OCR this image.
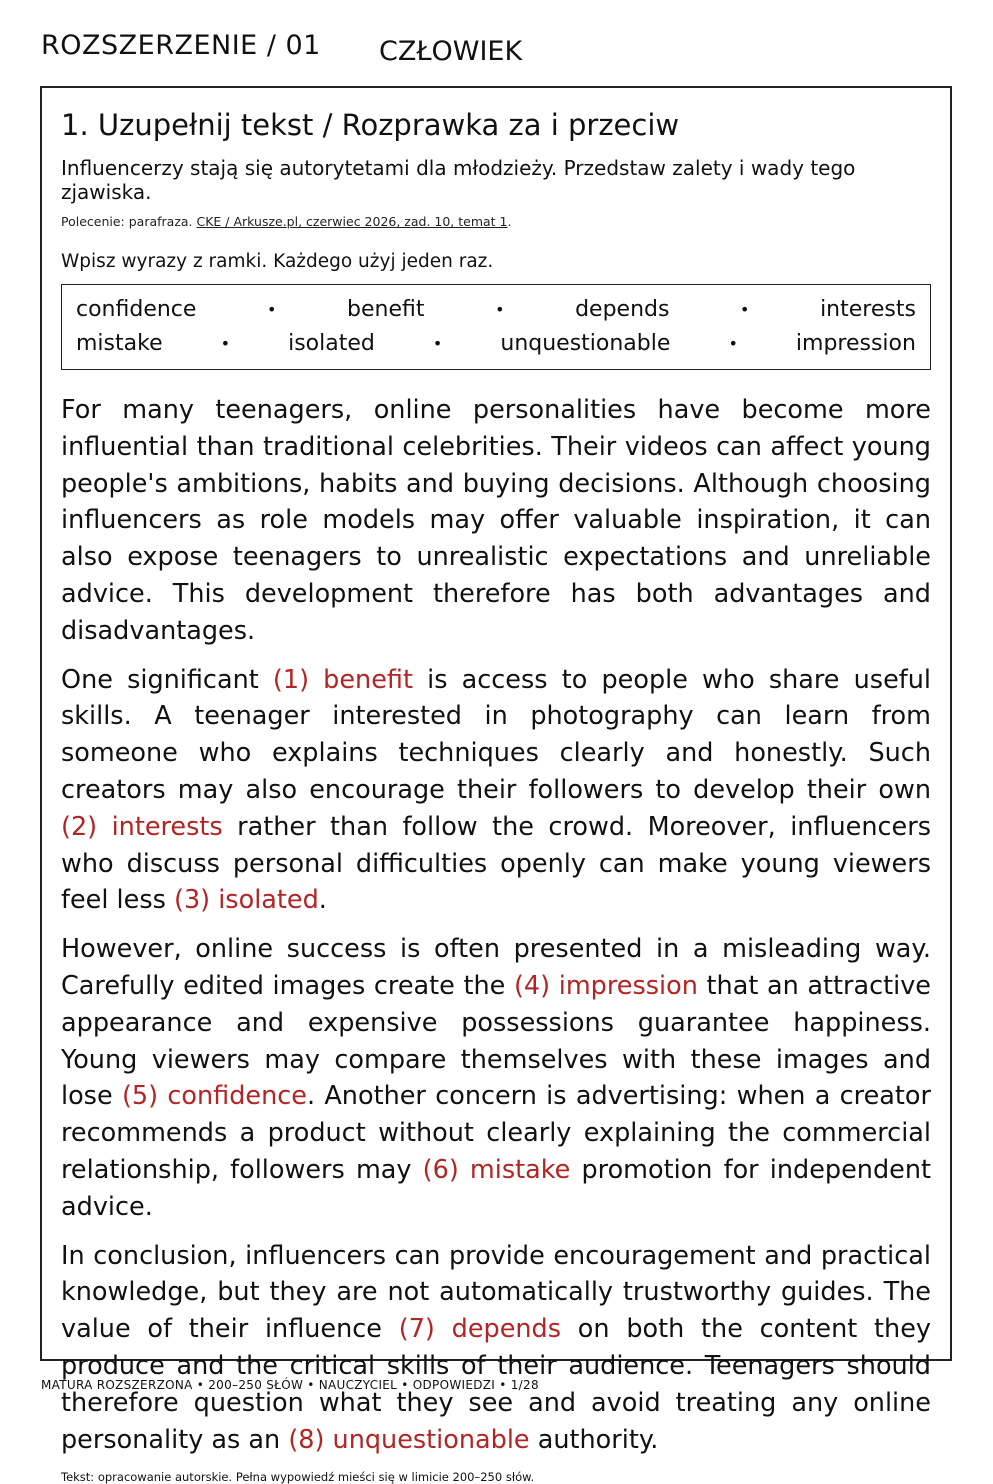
ROZSZERZENIE / 01 CZŁOWIEK
1. Uzupełnij tekst / Rozprawka za i przeciw
Influencerzy stają się autorytetami dla młodzieży. Przedstaw zalety i wady tego zjawiska.
Polecenie: parafraza. CKE / Arkusze.pl, czerwiec 2026, zad. 10, temat 1.
Wpisz wyrazy z ramki. Każdego użyj jeden raz.
confidence	•	benefit	•	depends	•	interests
mistake	•	isolated	•	unquestionable	•	impression

For many teenagers, online personalities have become more influential than traditional celebrities. Their videos can affect young people's ambitions, habits and buying decisions. Although choosing influencers as role models may offer valuable inspiration, it can also expose teenagers to unrealistic expectations and unreliable advice. This development therefore has both advantages and disadvantages.

One significant (1) benefit is access to people who share useful skills. A teenager interested in photography can learn from someone who explains techniques clearly and honestly. Such creators may also encourage their followers to develop their own (2) interests rather than follow the crowd. Moreover, influencers who discuss personal difficulties openly can make young viewers feel less (3) isolated.

However, online success is often presented in a misleading way. Carefully edited images create the (4) impression that an attractive appearance and expensive possessions guarantee happiness. Young viewers may compare themselves with these images and lose (5) confidence. Another concern is advertising: when a creator recommends a product without clearly explaining the commercial relationship, followers may (6) mistake promotion for independent advice.

In conclusion, influencers can provide encouragement and practical knowledge, but they are not automatically trustworthy guides. The value of their influence (7) depends on both the content they produce and the critical skills of their audience. Teenagers should therefore question what they see and avoid treating any online personality as an (8) unquestionable authority.

Tekst: opracowanie autorskie. Pełna wypowiedź mieści się w limicie 200–250 słów.
MATURA ROZSZERZONA • 200–250 SŁÓW • NAUCZYCIEL • ODPOWIEDZI • 1/28
